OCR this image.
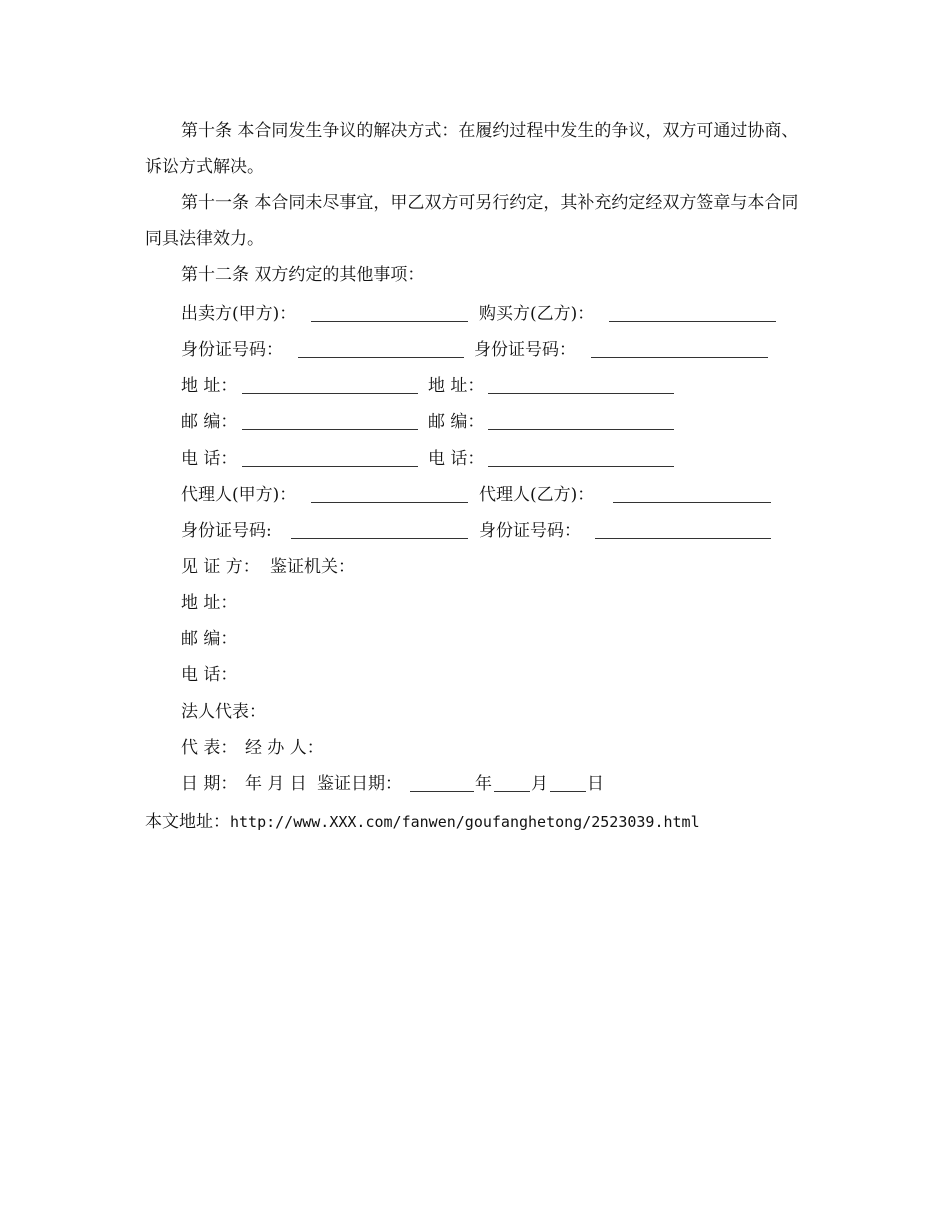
第十条 本合同发生争议的解决方式：在履约过程中发生的争议，双方可通过协商、诉讼方式解决。

第十一条 本合同未尽事宜，甲乙双方可另行约定，其补充约定经双方签章与本合同同具法律效力。

第十二条 双方约定的其他事项：

出卖方(甲方)：	购买方(乙方)：
身份证号码：	身份证号码：
地 址：	地 址：
邮 编：	邮 编：
电 话：	电 话：
代理人(甲方)：	代理人(乙方)：
身份证号码:	身份证号码：
见 证 方： 鉴证机关：
地 址：
邮 编：
电 话：
法人代表：
代 表： 经 办 人：
日 期： 年 月 日 鉴证日期：	年 月 日
本文地址：http://www.XXX.com/fanwen/goufanghetong/2523039.html
